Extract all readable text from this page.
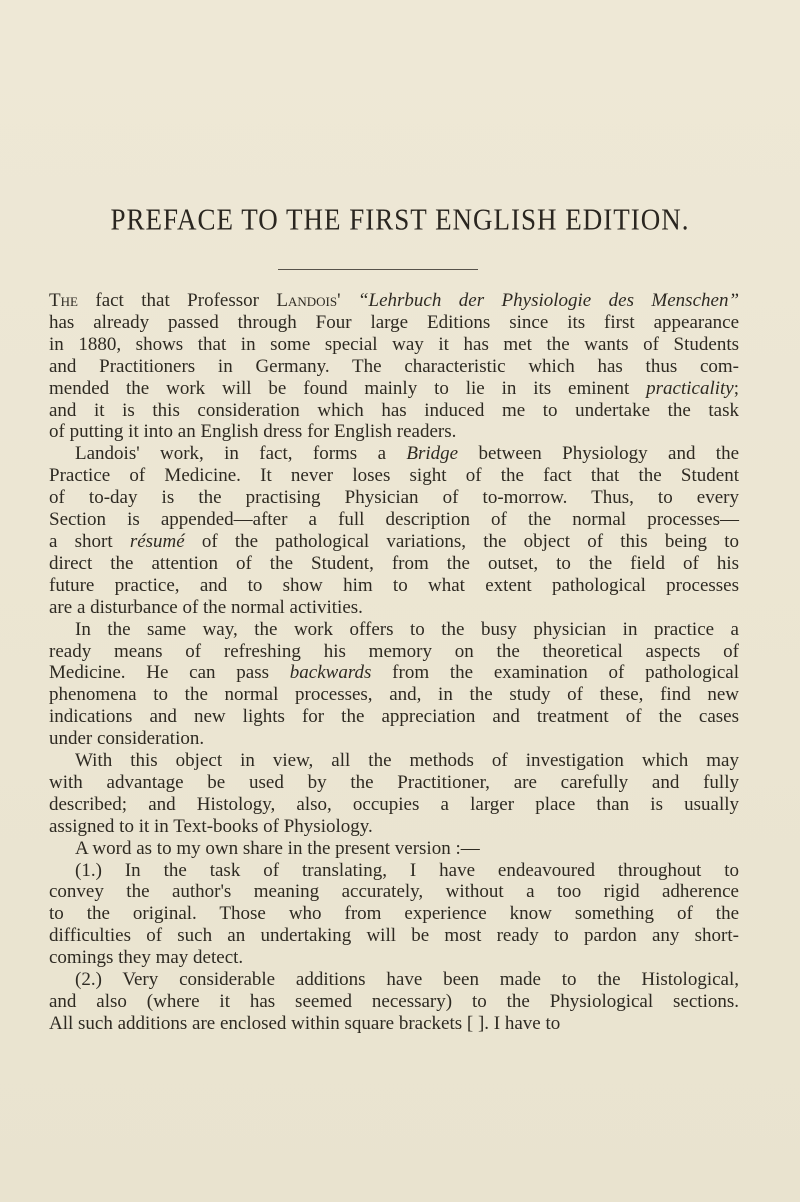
PREFACE TO THE FIRST ENGLISH EDITION.
The fact that Professor Landois' “Lehrbuch der Physiologie des Menschen”
has already passed through Four large Editions since its first appearance
in 1880, shows that in some special way it has met the wants of Students
and Practitioners in Germany. The characteristic which has thus com-
mended the work will be found mainly to lie in its eminent practicality;
and it is this consideration which has induced me to undertake the task
of putting it into an English dress for English readers.
Landois' work, in fact, forms a Bridge between Physiology and the
Practice of Medicine. It never loses sight of the fact that the Student
of to-day is the practising Physician of to-morrow. Thus, to every
Section is appended—after a full description of the normal processes—
a short résumé of the pathological variations, the object of this being to
direct the attention of the Student, from the outset, to the field of his
future practice, and to show him to what extent pathological processes
are a disturbance of the normal activities.
In the same way, the work offers to the busy physician in practice a
ready means of refreshing his memory on the theoretical aspects of
Medicine. He can pass backwards from the examination of pathological
phenomena to the normal processes, and, in the study of these, find new
indications and new lights for the appreciation and treatment of the cases
under consideration.
With this object in view, all the methods of investigation which may
with advantage be used by the Practitioner, are carefully and fully
described; and Histology, also, occupies a larger place than is usually
assigned to it in Text-books of Physiology.
A word as to my own share in the present version :—
(1.) In the task of translating, I have endeavoured throughout to
convey the author's meaning accurately, without a too rigid adherence
to the original. Those who from experience know something of the
difficulties of such an undertaking will be most ready to pardon any short-
comings they may detect.
(2.) Very considerable additions have been made to the Histological,
and also (where it has seemed necessary) to the Physiological sections.
All such additions are enclosed within square brackets [ ]. I have to
